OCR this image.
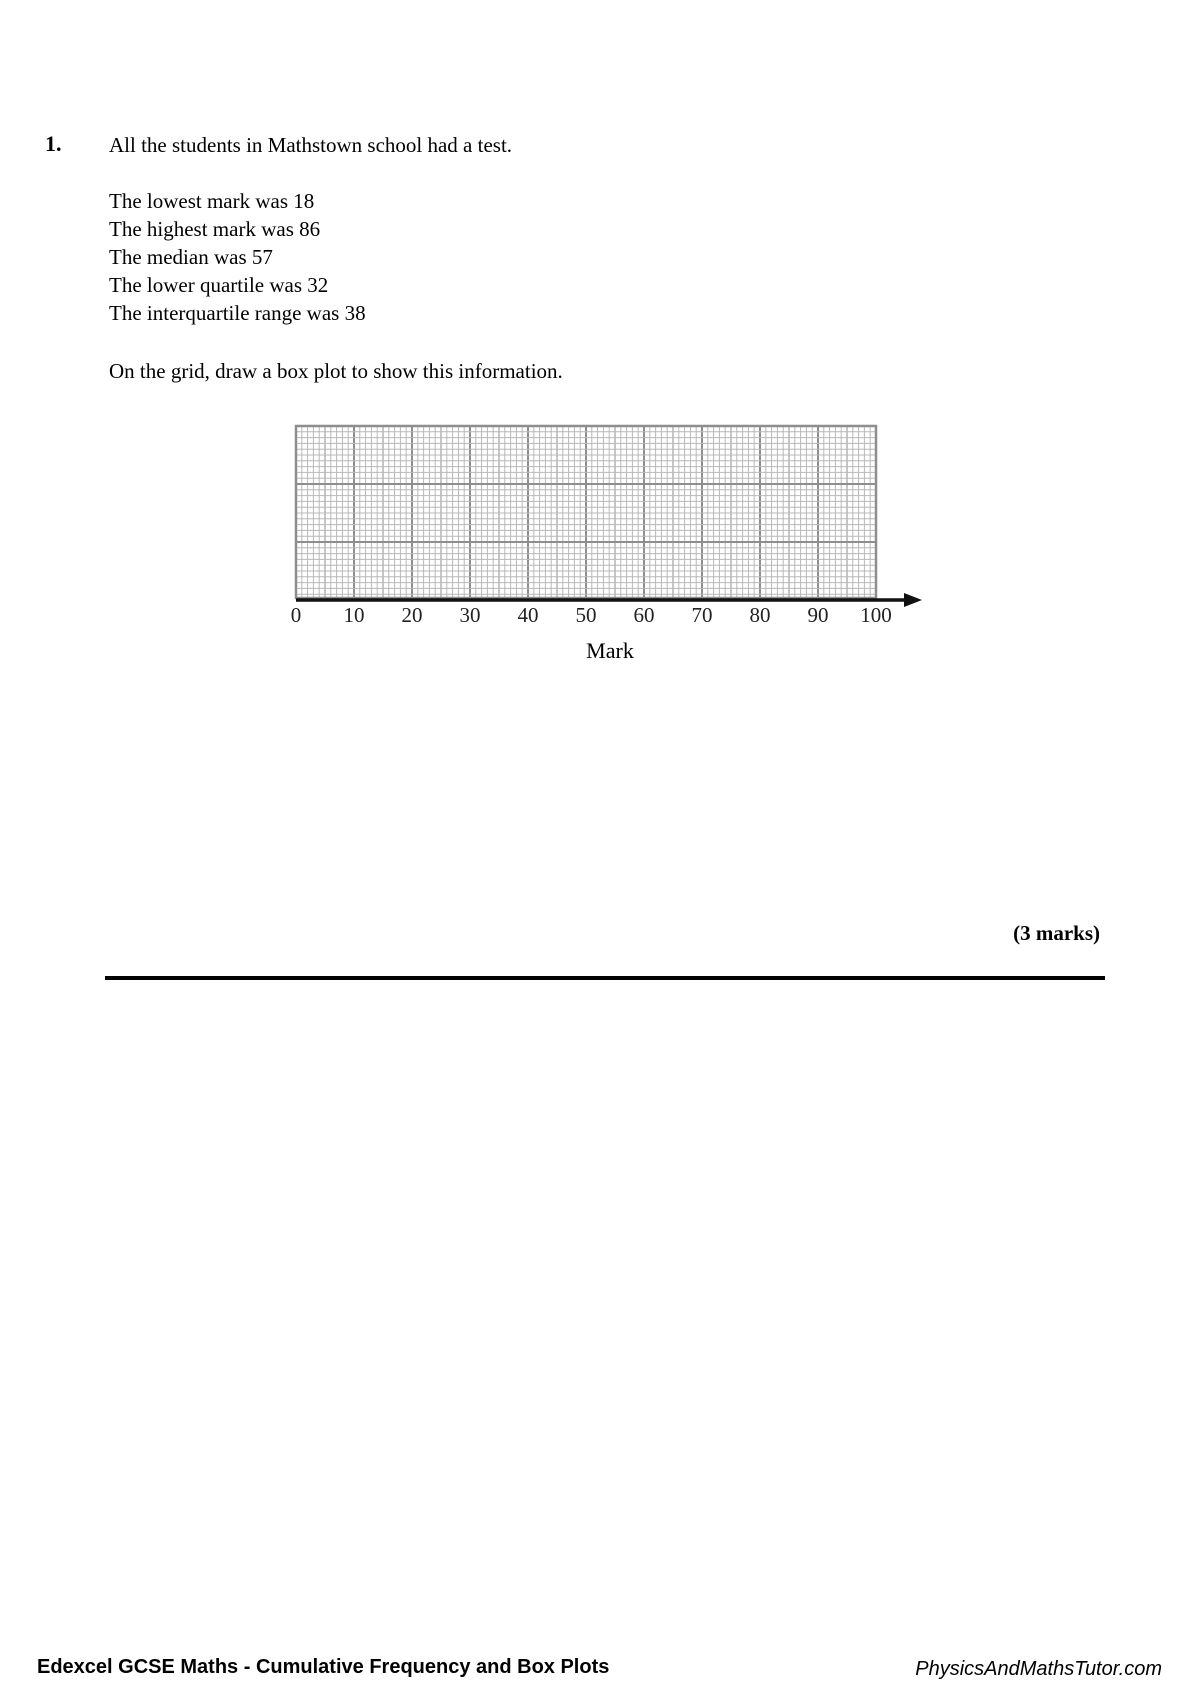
1. All the students in Mathstown school had a test.
The lowest mark was 18
The highest mark was 86
The median was 57
The lower quartile was 32
The interquartile range was 38
On the grid, draw a box plot to show this information.
0 10 20 30 40 50 60 70 80 90 100
Mark
(3 marks)
Edexcel GCSE Maths - Cumulative Frequency and Box Plots	PhysicsAndMathsTutor.com
